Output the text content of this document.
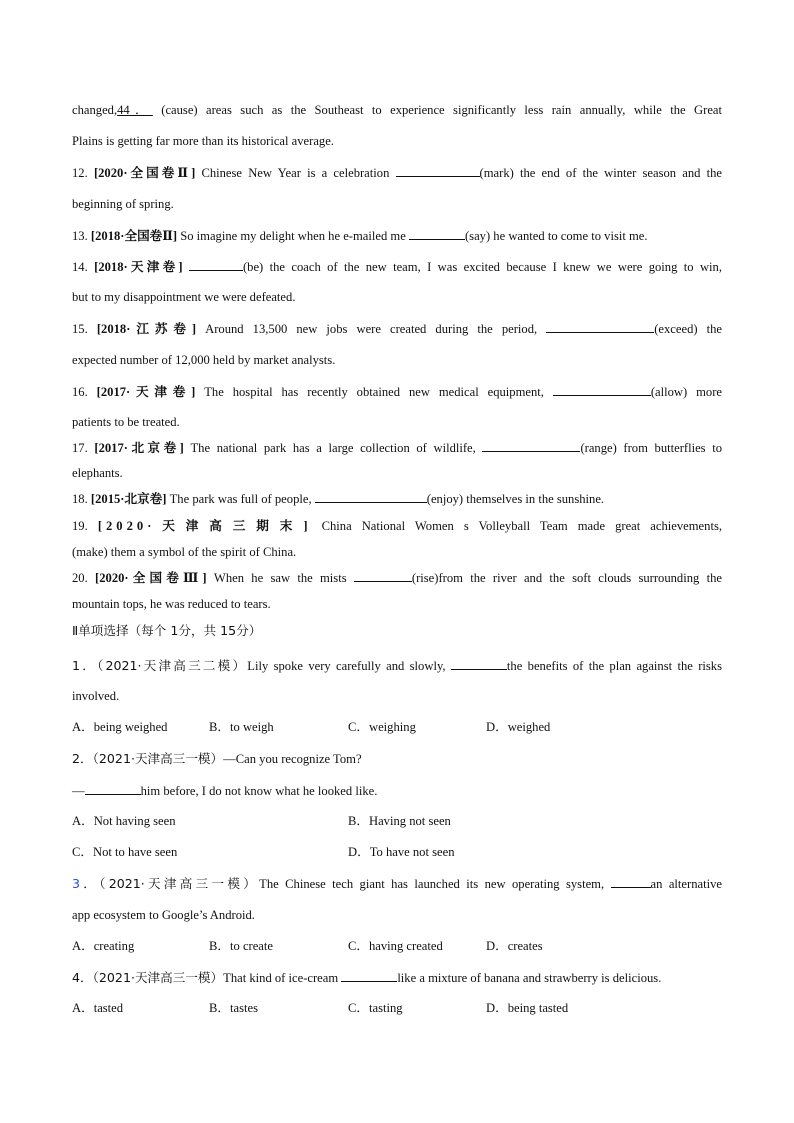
changed,44． (cause) areas such as the Southeast to experience significantly less rain annually, while the Great
Plains is getting far more than its historical average.
12. [2020·全国卷Ⅱ] Chinese New Year is a celebration	(mark) the end of the winter season and the
beginning of spring.
13. [2018·全国卷Ⅱ] So imagine my delight when he e-mailed me	(say) he wanted to come to visit me.
14. [2018·天津卷]	(be) the coach of the new team, I was excited because I knew we were going to win,
but to my disappointment we were defeated.
15. [2018·江苏卷] Around 13,500 new jobs were created during the period,	(exceed) the
expected number of 12,000 held by market analysts.
16. [2017·天津卷] The hospital has recently obtained new medical equipment,	(allow) more
patients to be treated.
17. [2017·北京卷] The national park has a large collection of wildlife,	(range) from butterflies to
elephants.
18. [2015·北京卷] The park was full of people,	(enjoy) themselves in the sunshine.
19. [2020·天津高三期末] China National Women s Volleyball Team made great achievements,
(make) them a symbol of the spirit of China.
20. [2020·全国卷Ⅲ] When he saw the mists	(rise)from the river and the soft clouds surrounding the
mountain tops, he was reduced to tears.
Ⅱ单项选择（每个 1分，共 15分）
1．（2021·天津高三二模）Lily spoke very carefully and slowly,	the benefits of the plan against the risks
involved.
A．being weighed	B．to weigh	C．weighing	D．weighed
2．（2021·天津高三一模）—Can you recognize Tom?
—	him before, I do not know what he looked like.
A．Not having seen	B．Having not seen
C．Not to have seen	D．To have not seen
3．（2021·天津高三一模）The Chinese tech giant has launched its new operating system,	an alternative
app ecosystem to Google’s Android.
A．creating	B．to create	C．having created	D．creates
4．（2021·天津高三一模）That kind of ice-cream	like a mixture of banana and strawberry is delicious.
A．tasted	B．tastes	C．tasting	D．being tasted
